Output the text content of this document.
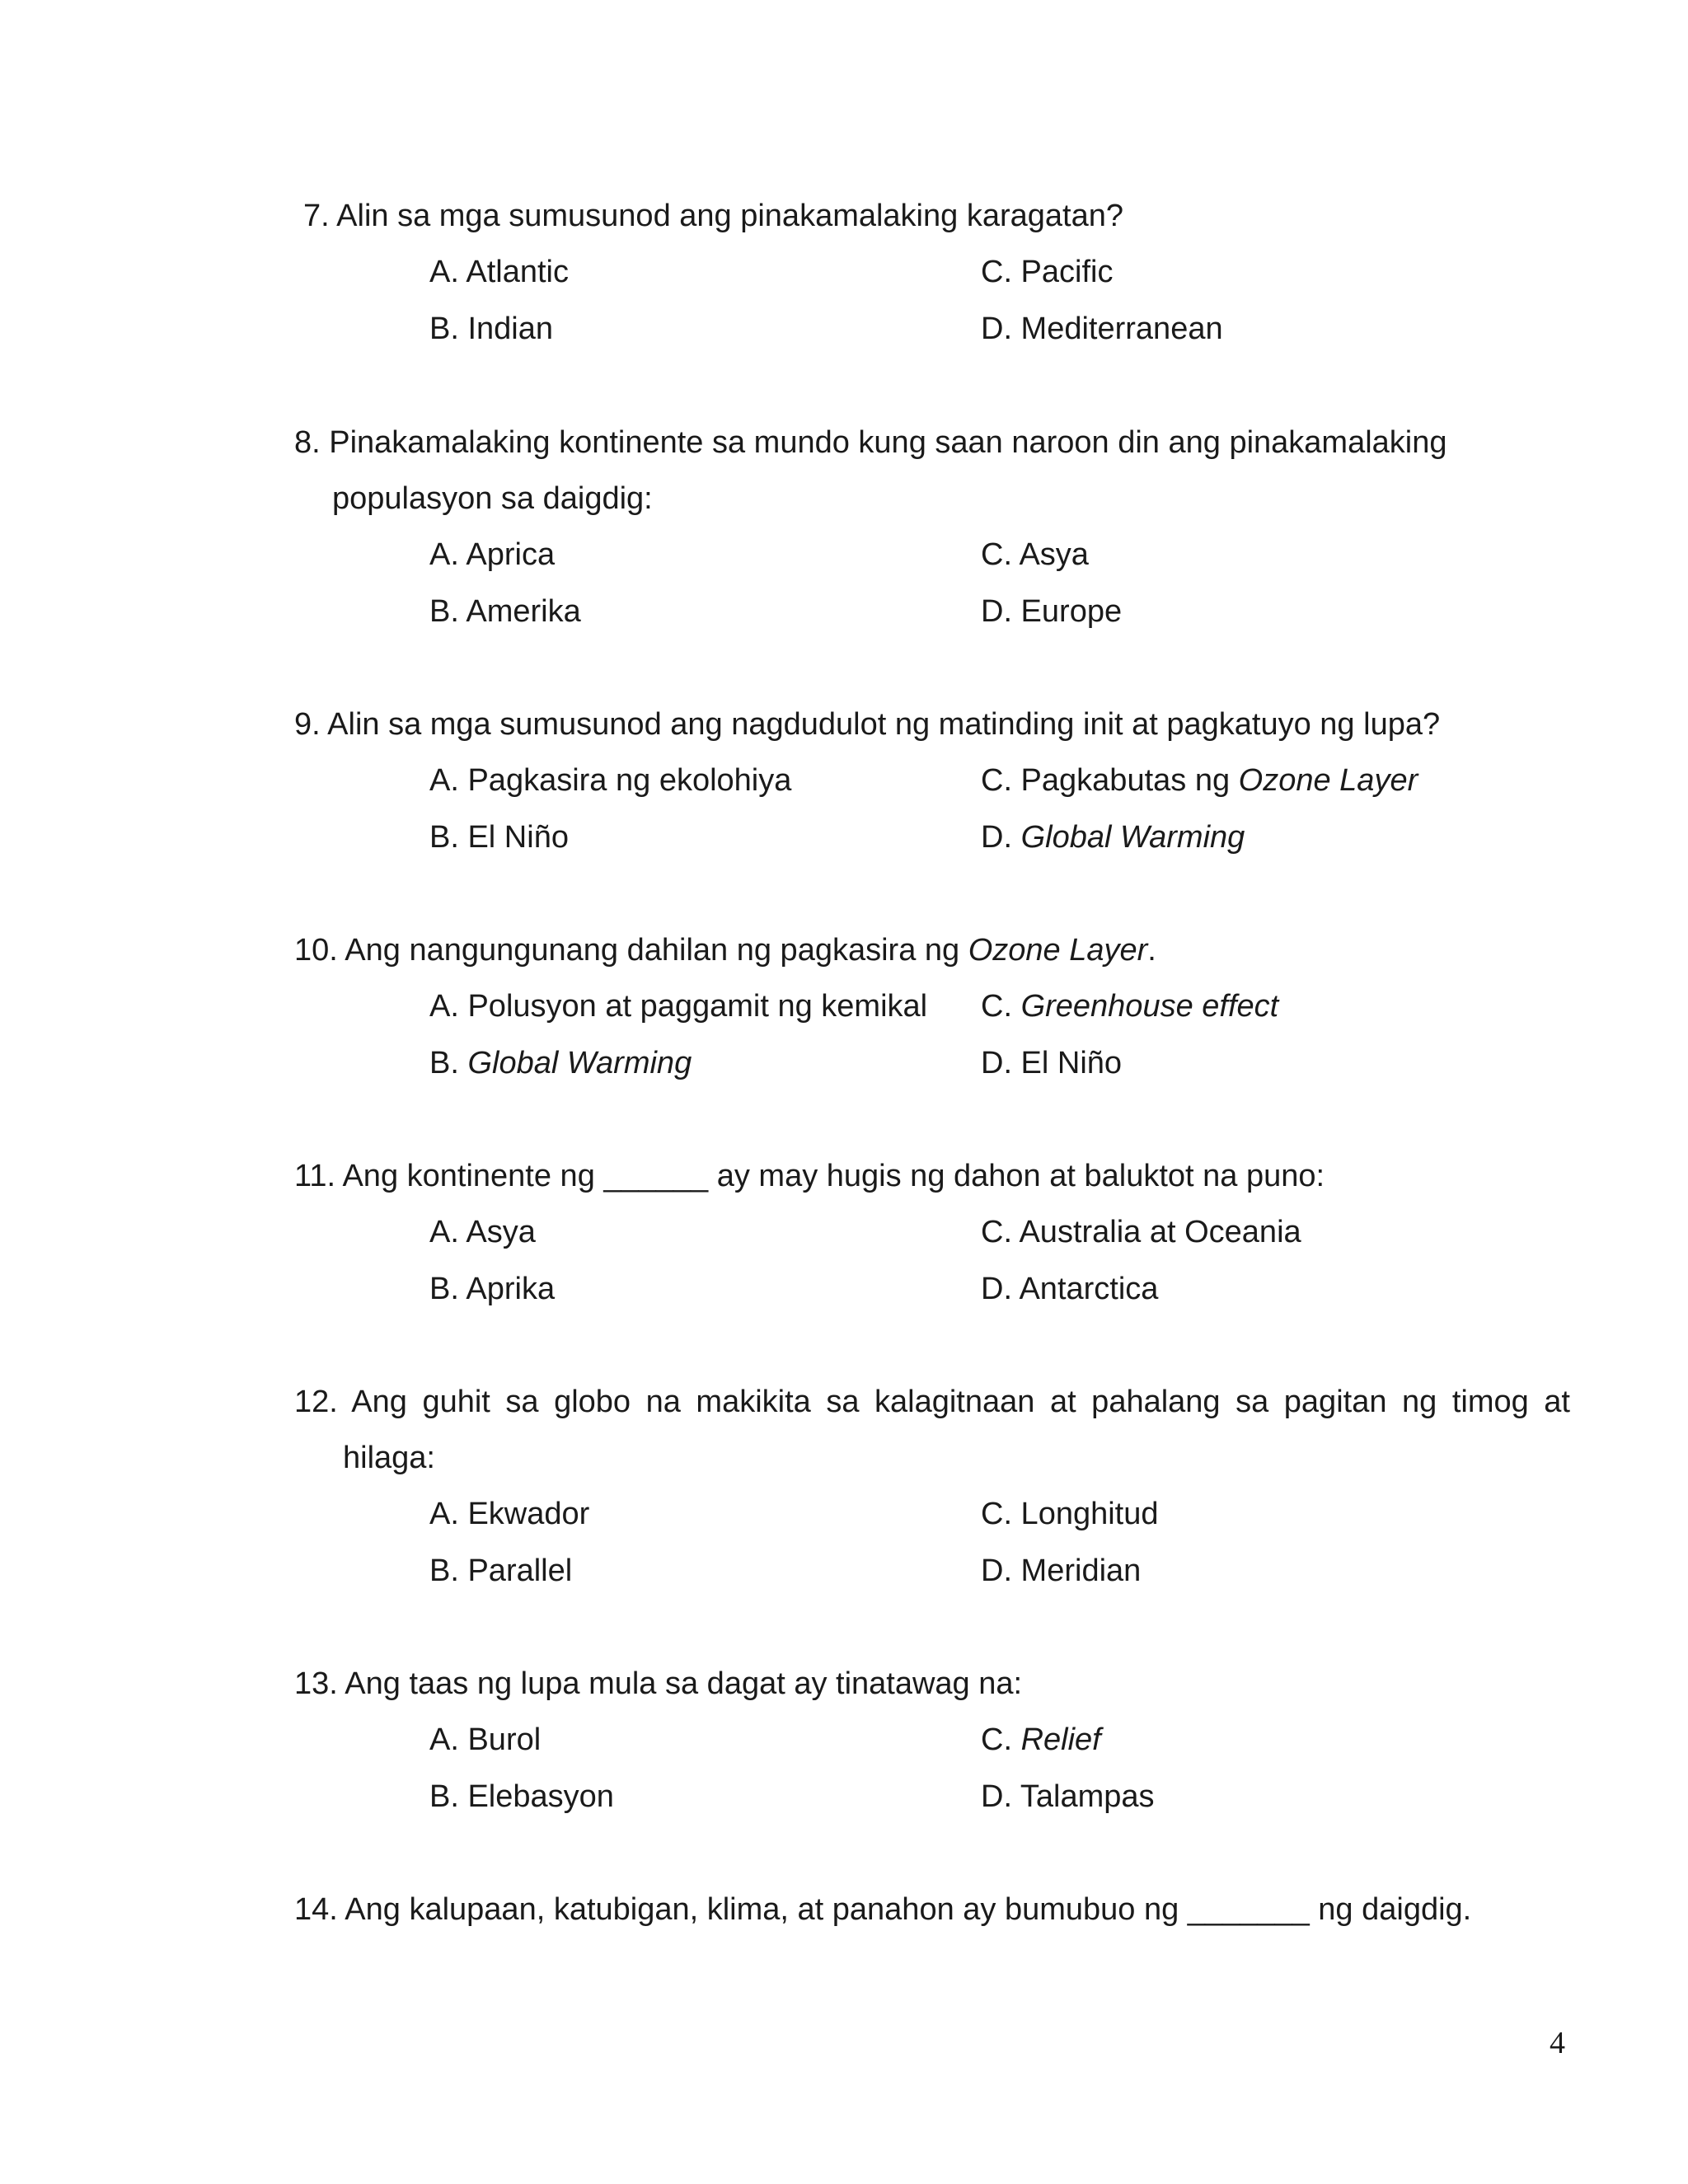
7. Alin sa mga sumusunod ang pinakamalaking karagatan?
A. Atlantic	C. Pacific
B. Indian	D. Mediterranean
8. Pinakamalaking kontinente sa mundo kung saan naroon din ang pinakamalaking
populasyon sa daigdig:
A. Aprica	C. Asya
B. Amerika	D. Europe
9. Alin sa mga sumusunod ang nagdudulot ng matinding init at pagkatuyo ng lupa?
A. Pagkasira ng ekolohiya	C. Pagkabutas ng Ozone Layer
B. El Niño	D. Global Warming
10. Ang nangungunang dahilan ng pagkasira ng Ozone Layer.
A. Polusyon at paggamit ng kemikal C. Greenhouse effect
B. Global Warming	D. El Niño
11. Ang kontinente ng ______ ay may hugis ng dahon at baluktot na puno:
A. Asya	C. Australia at Oceania
B. Aprika	D. Antarctica
12. Ang guhit sa globo na makikita sa kalagitnaan at pahalang sa pagitan ng timog at
hilaga:
A. Ekwador	C. Longhitud
B. Parallel	D. Meridian
13. Ang taas ng lupa mula sa dagat ay tinatawag na:
A. Burol	C. Relief
B. Elebasyon	D. Talampas
14. Ang kalupaan, katubigan, klima, at panahon ay bumubuo ng _______ ng daigdig.
4
